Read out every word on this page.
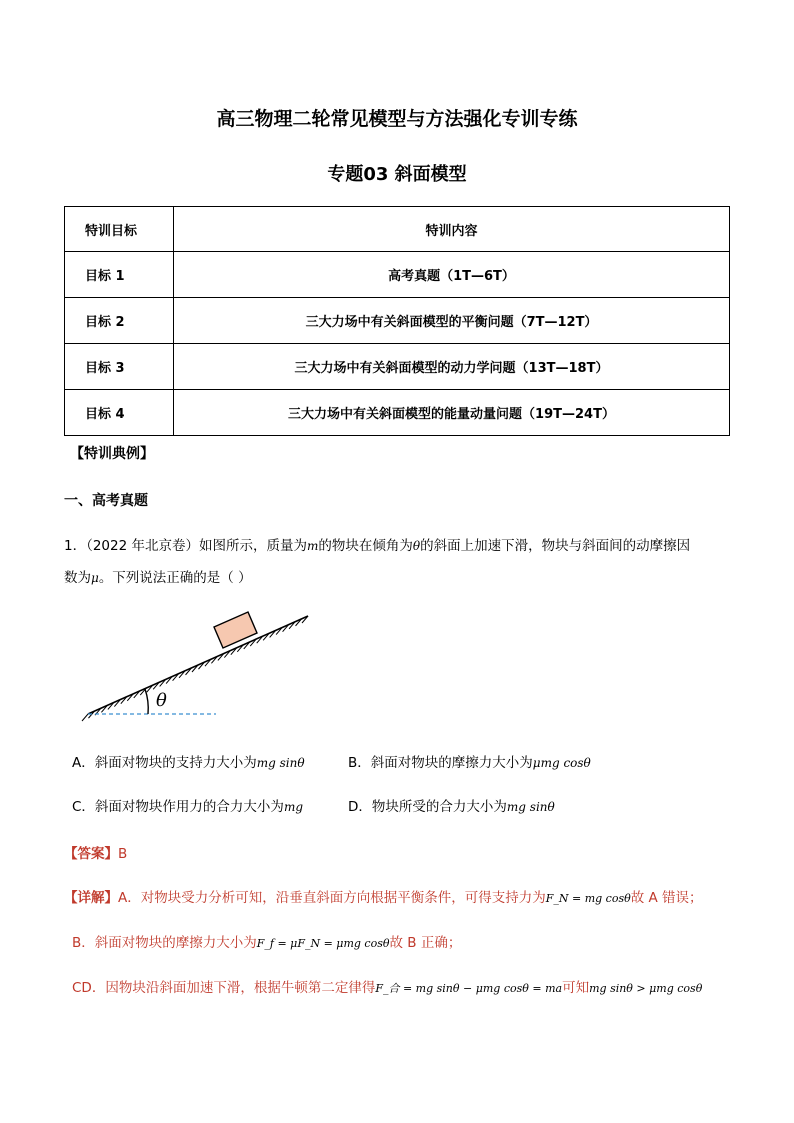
高三物理二轮常见模型与方法强化专训专练
专题03 斜面模型
特训目标	特训内容
目标 1	高考真题（1T—6T）
目标 2	三大力场中有关斜面模型的平衡问题（7T—12T）
目标 3	三大力场中有关斜面模型的动力学问题（13T—18T）
目标 4	三大力场中有关斜面模型的能量动量问题（19T—24T）
【特训典例】
一、高考真题
1．（2022 年北京卷）如图所示，质量为m的物块在倾角为θ的斜面上加速下滑，物块与斜面间的动摩擦因
数为μ。下列说法正确的是（ ）
θ
A．斜面对物块的支持力大小为mg sinθ	B．斜面对物块的摩擦力大小为μmg cosθ
C．斜面对物块作用力的合力大小为mg	D．物块所受的合力大小为mg sinθ
【答案】B
【详解】A．对物块受力分析可知，沿垂直斜面方向根据平衡条件，可得支持力为F_N = mg cosθ故 A 错误；
B．斜面对物块的摩擦力大小为F_f = μF_N = μmg cosθ故 B 正确；
CD．因物块沿斜面加速下滑，根据牛顿第二定律得F_合 = mg sinθ − μmg cosθ = ma可知mg sinθ > μmg cosθ
